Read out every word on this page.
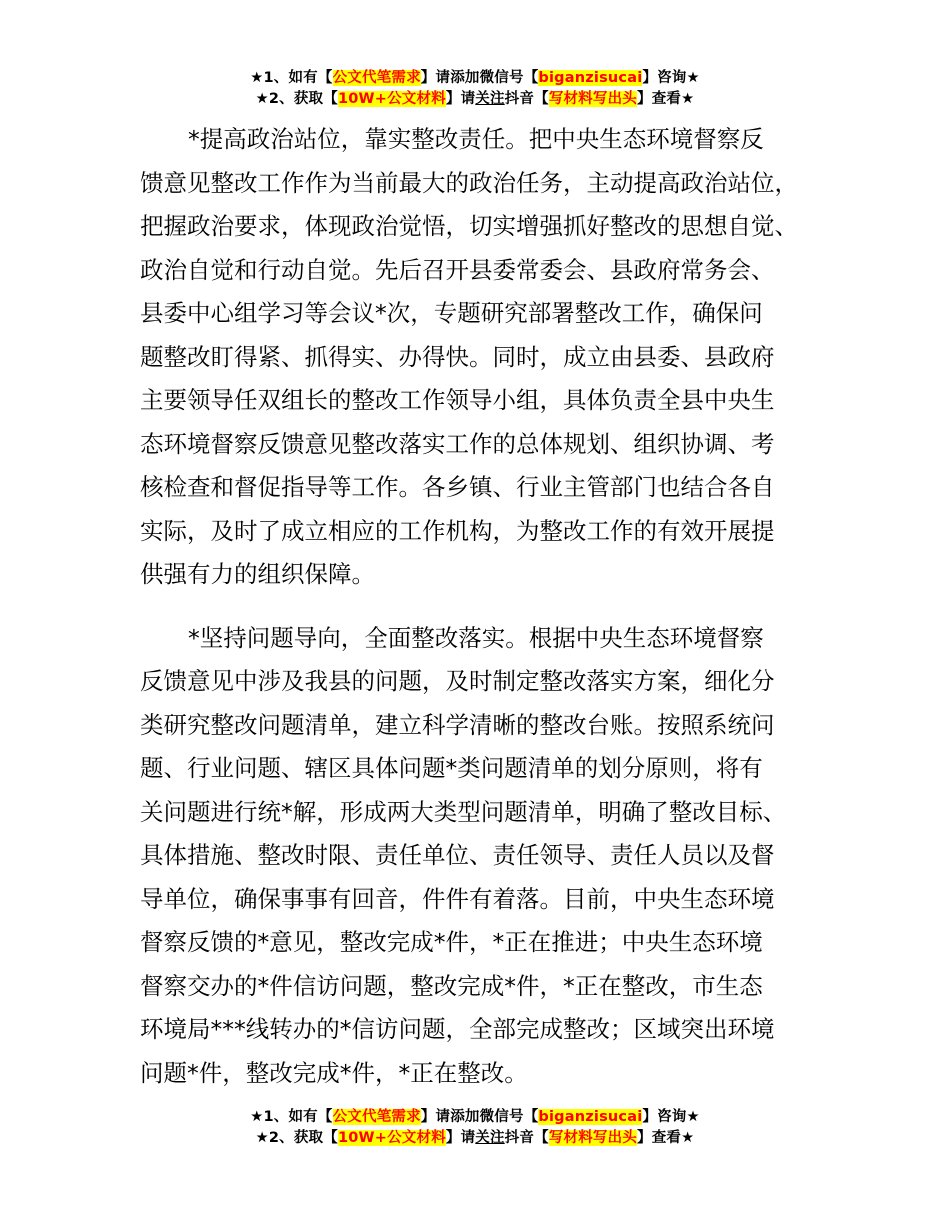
★1、如有【公文代笔需求】请添加微信号【biganzisucai】咨询★
★2、获取【10W+公文材料】请关注抖音【写材料写出头】查看★

*提高政治站位，靠实整改责任。把中央生态环境督察反
馈意见整改工作作为当前最大的政治任务，主动提高政治站位，
把握政治要求，体现政治觉悟，切实增强抓好整改的思想自觉、
政治自觉和行动自觉。先后召开县委常委会、县政府常务会、
县委中心组学习等会议*次，专题研究部署整改工作，确保问
题整改盯得紧、抓得实、办得快。同时，成立由县委、县政府
主要领导任双组长的整改工作领导小组，具体负责全县中央生
态环境督察反馈意见整改落实工作的总体规划、组织协调、考
核检查和督促指导等工作。各乡镇、行业主管部门也结合各自
实际，及时了成立相应的工作机构，为整改工作的有效开展提
供强有力的组织保障。

*坚持问题导向，全面整改落实。根据中央生态环境督察
反馈意见中涉及我县的问题，及时制定整改落实方案，细化分
类研究整改问题清单，建立科学清晰的整改台账。按照系统问
题、行业问题、辖区具体问题*类问题清单的划分原则，将有
关问题进行统*解，形成两大类型问题清单，明确了整改目标、
具体措施、整改时限、责任单位、责任领导、责任人员以及督
导单位，确保事事有回音，件件有着落。目前，中央生态环境
督察反馈的*意见，整改完成*件，*正在推进；中央生态环境
督察交办的*件信访问题，整改完成*件，*正在整改，市生态
环境局***线转办的*信访问题，全部完成整改；区域突出环境
问题*件，整改完成*件，*正在整改。

★1、如有【公文代笔需求】请添加微信号【biganzisucai】咨询★
★2、获取【10W+公文材料】请关注抖音【写材料写出头】查看★
